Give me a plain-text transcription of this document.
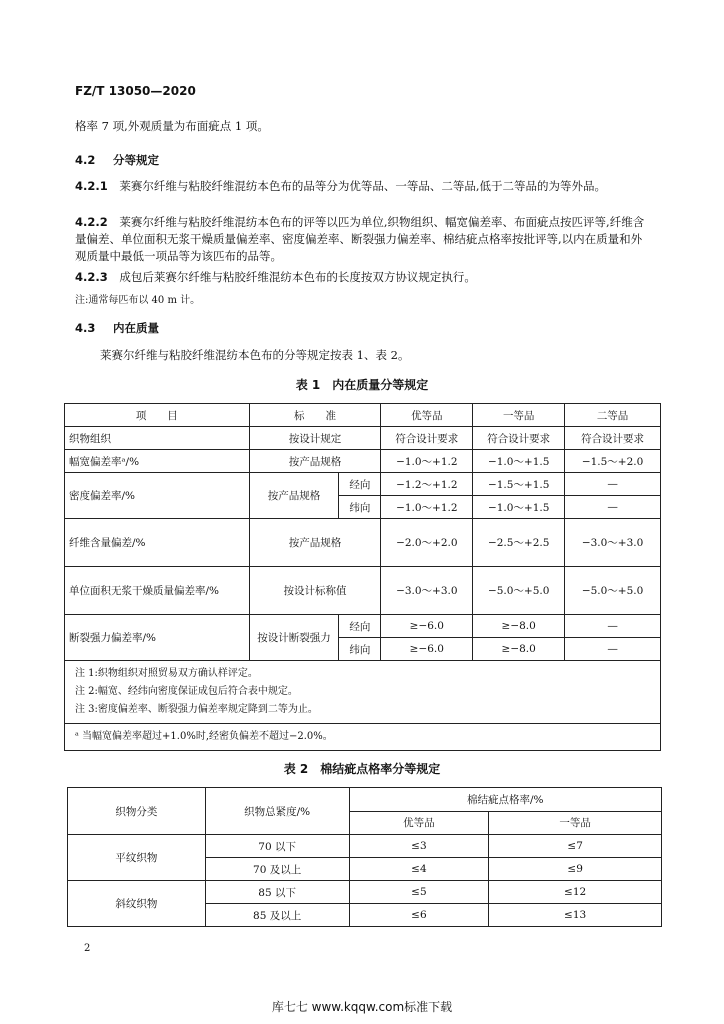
FZ/T 13050—2020
格率 7 项,外观质量为布面疵点 1 项。
4.2 分等规定
4.2.1 莱赛尔纤维与粘胶纤维混纺本色布的品等分为优等品、一等品、二等品,低于二等品的为等外品。
4.2.2 莱赛尔纤维与粘胶纤维混纺本色布的评等以匹为单位,织物组织、幅宽偏差率、布面疵点按匹评等,纤维含量偏差、单位面积无浆干燥质量偏差率、密度偏差率、断裂强力偏差率、棉结疵点格率按批评等,以内在质量和外观质量中最低一项品等为该匹布的品等。
4.2.3 成包后莱赛尔纤维与粘胶纤维混纺本色布的长度按双方协议规定执行。
注:通常每匹布以 40 m 计。
4.3 内在质量
莱赛尔纤维与粘胶纤维混纺本色布的分等规定按表 1、表 2。
表 1　内在质量分等规定
项　　目	标　　准		优等品	一等品	二等品
织物组织	按设计规定		符合设计要求	符合设计要求	符合设计要求
幅宽偏差率ᵃ/%	按产品规格		−1.0～+1.2	−1.0～+1.5	−1.5～+2.0
密度偏差率/%	按产品规格	经向	−1.2～+1.2	−1.5～+1.5	—
		纬向	−1.0～+1.2	−1.0～+1.5	—
纤维含量偏差/%	按产品规格		−2.0～+2.0	−2.5～+2.5	−3.0～+3.0
单位面积无浆干燥质量偏差率/%	按设计标称值		−3.0～+3.0	−5.0～+5.0	−5.0～+5.0
断裂强力偏差率/%	按设计断裂强力	经向	≥−6.0	≥−8.0	—
		纬向	≥−6.0	≥−8.0	—

注 1:织物组织对照贸易双方确认样评定。
注 2:幅宽、经纬向密度保证成包后符合表中规定。
注 3:密度偏差率、断裂强力偏差率规定降到二等为止。					

ᵃ 当幅宽偏差率超过+1.0%时,经密负偏差不超过−2.0%。					
表 2　棉结疵点格率分等规定
织物分类	织物总紧度/%	棉结疵点格率/%	
		优等品	一等品
平纹织物	70 以下	≤3	≤7
	70 及以上	≤4	≤9
斜纹织物	85 以下	≤5	≤12
	85 及以上	≤6	≤13
2
库七七 www.kqqw.com标准下载
